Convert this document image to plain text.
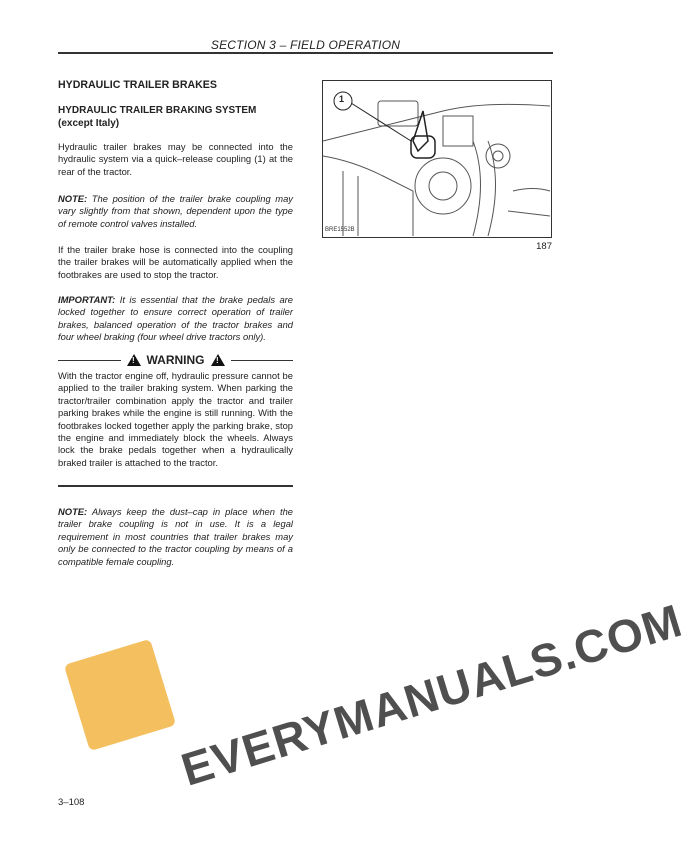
SECTION 3 – FIELD OPERATION
HYDRAULIC TRAILER BRAKES
HYDRAULIC TRAILER BRAKING SYSTEM
(except Italy)

Hydraulic trailer brakes may be connected into the hydraulic system via a quick–release coupling (1) at the rear of the tractor.

NOTE: The position of the trailer brake coupling may vary slightly from that shown, dependent upon the type of remote control valves installed.

If the trailer brake hose is connected into the coupling the trailer brakes will be automatically applied when the footbrakes are used to stop the tractor.

IMPORTANT: It is essential that the brake pedals are locked together to ensure correct operation of trailer brakes, balanced operation of the tractor brakes and four wheel braking (four wheel drive tractors only).

! WARNING !

With the tractor engine off, hydraulic pressure cannot be applied to the trailer braking system. When parking the tractor/trailer combination apply the tractor and trailer parking brakes while the engine is still running. With the footbrakes locked together apply the parking brake, stop the engine and immediately block the wheels. Always lock the brake pedals together when a hydraulically braked trailer is attached to the tractor.

NOTE: Always keep the dust–cap in place when the trailer brake coupling is not in use. It is a legal requirement in most countries that trailer brakes may only be connected to the tractor coupling by means of a compatible female coupling.

1
BRE1552B
187
3–108
EVERYMANUALS.COM
